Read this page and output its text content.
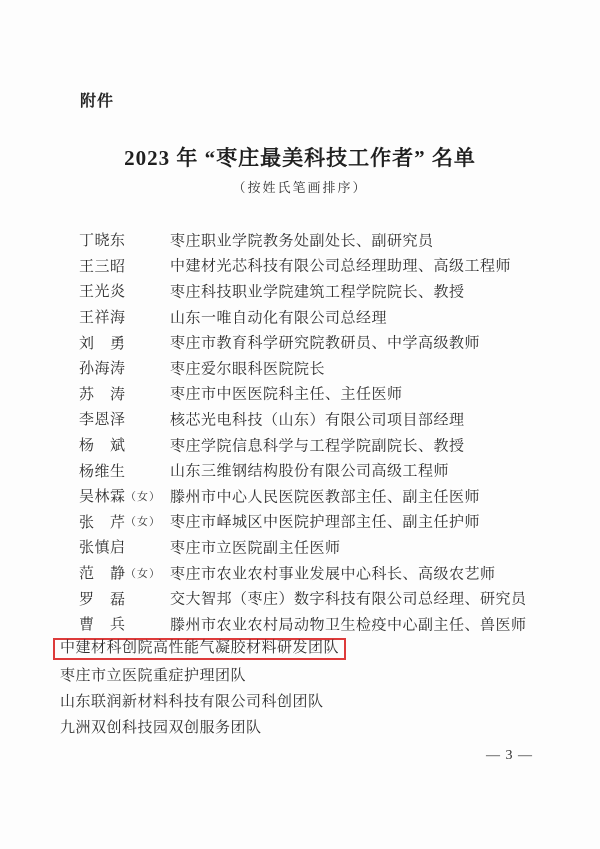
附件
2023 年 “枣庄最美科技工作者” 名单
（按姓氏笔画排序）
丁晓东	枣庄职业学院教务处副处长、副研究员
王三昭	中建材光芯科技有限公司总经理助理、高级工程师
王光炎	枣庄科技职业学院建筑工程学院院长、教授
王祥海	山东一唯自动化有限公司总经理
刘　勇	枣庄市教育科学研究院教研员、中学高级教师
孙海涛	枣庄爱尔眼科医院院长
苏　涛	枣庄市中医医院科主任、主任医师
李恩泽	核芯光电科技（山东）有限公司项目部经理
杨　斌	枣庄学院信息科学与工程学院副院长、教授
杨维生	山东三维钢结构股份有限公司高级工程师
吴林霖 （女） 滕州市中心人民医院医教部主任、副主任医师
张　芹 （女） 枣庄市峄城区中医院护理部主任、副主任护师
张慎启	枣庄市立医院副主任医师
范　静 （女） 枣庄市农业农村事业发展中心科长、高级农艺师
罗　磊	交大智邦（枣庄）数字科技有限公司总经理、研究员
曹　兵	滕州市农业农村局动物卫生检疫中心副主任、兽医师
中建材科创院高性能气凝胶材料研发团队
枣庄市立医院重症护理团队
山东联润新材料科技有限公司科创团队
九洲双创科技园双创服务团队
— 3 —
